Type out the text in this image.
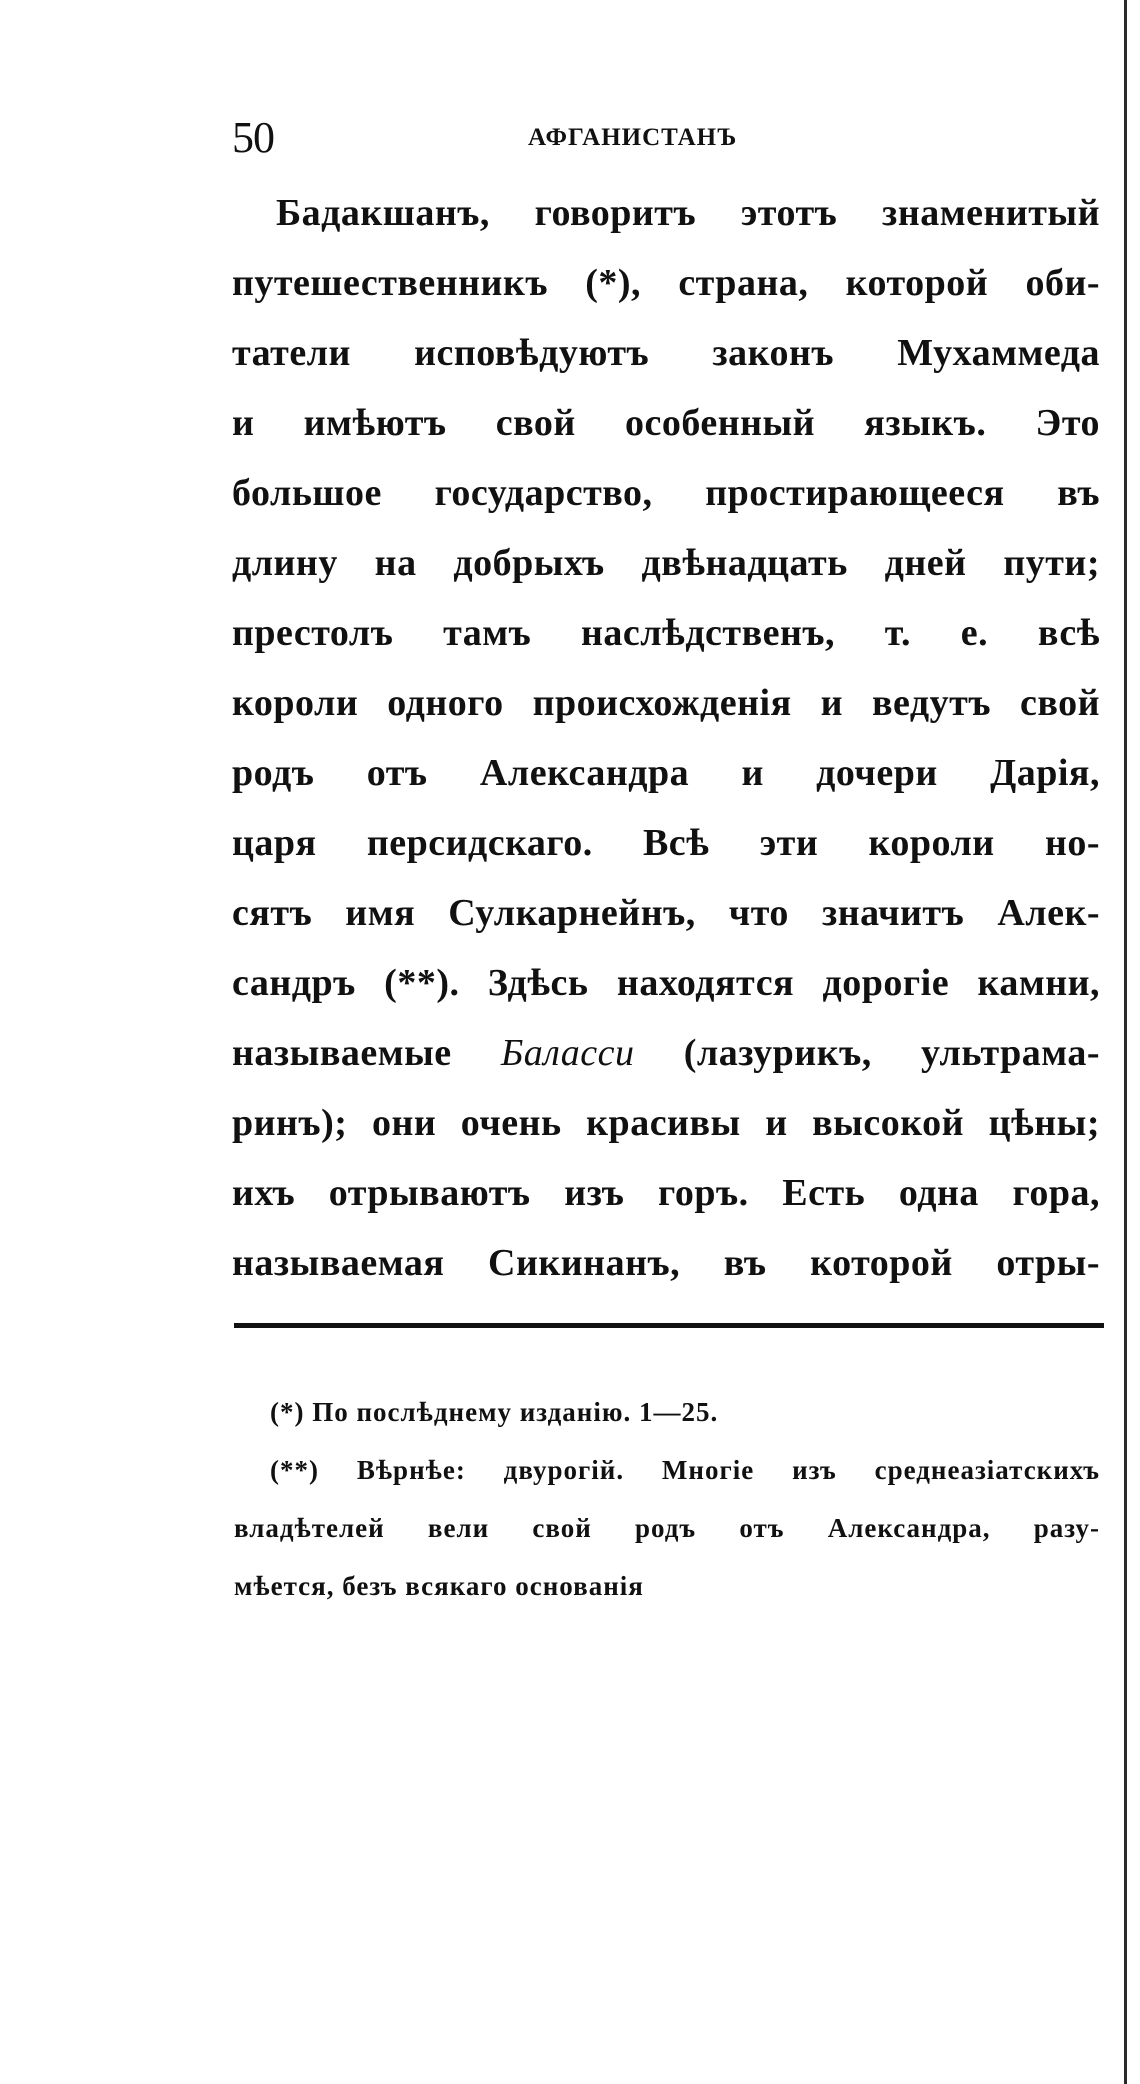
50	АФГАНИСТАНЪ
Бадакшанъ, говоритъ этотъ знаменитый
путешественникъ (*), страна, которой оби-
татели исповѣдуютъ законъ Мухаммеда
и имѣютъ свой особенный языкъ. Это
большое государство, простирающееся въ
длину на добрыхъ двѣнадцать дней пути;
престолъ тамъ наслѣдственъ, т. е. всѣ
короли одного происхожденія и ведутъ свой
родъ отъ Александра и дочери Дарія,
царя персидскаго. Всѣ эти короли но-
сятъ имя Сулкарнейнъ, что значитъ Алек-
сандръ (**). Здѣсь находятся дорогіе камни,
называемые Баласси (лазурикъ, ультрама-
ринъ); они очень красивы и высокой цѣны;
ихъ отрываютъ изъ горъ. Есть одна гора,
называемая Сикинанъ, въ которой отры-
(*) По послѣднему изданію. 1—25.
(**) Вѣрнѣе: двурогій. Многіе изъ среднеазіатскихъ
владѣтелей вели свой родъ отъ Александра, разу-
мѣется, безъ всякаго основанія
